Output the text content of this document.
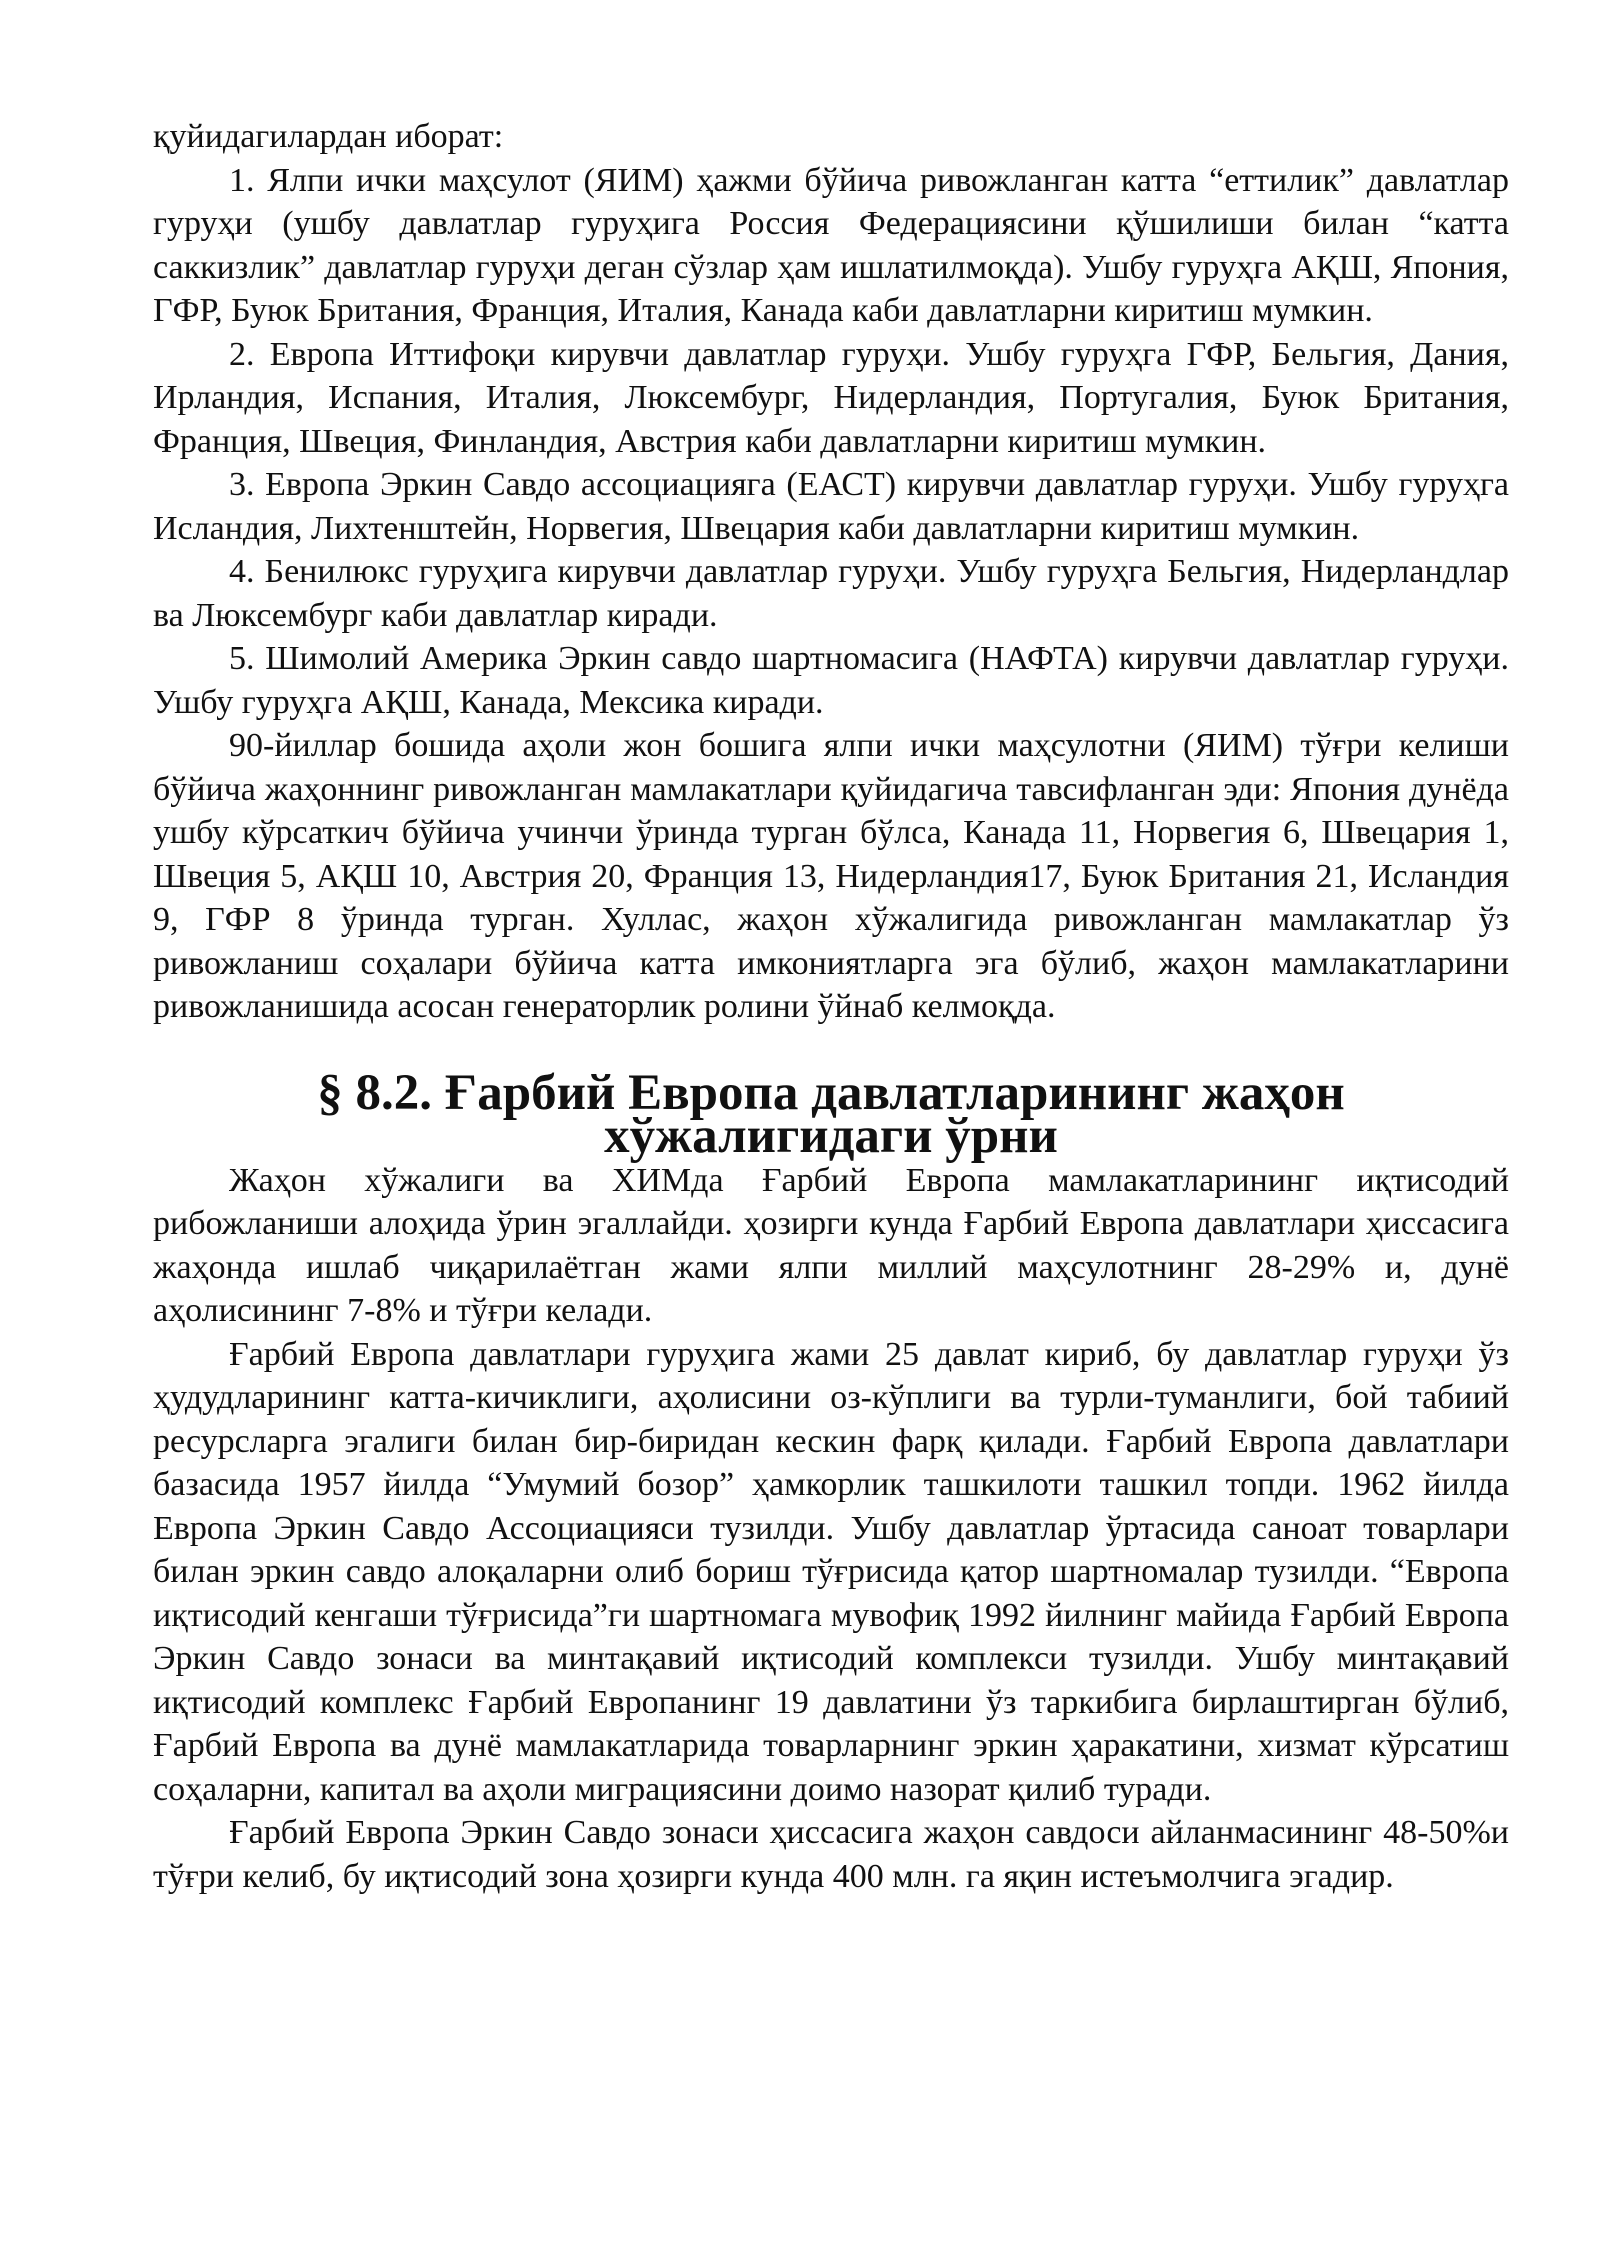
қуйидагилардан иборат:

1. Ялпи ички маҳсулот (ЯИМ) ҳажми бўйича ривожланган катта “еттилик” давлатлар гуруҳи (ушбу давлатлар гуруҳига Россия Федерациясини қўшилиши билан “катта саккизлик” давлатлар гуруҳи деган сўзлар ҳам ишлатилмоқда). Ушбу гуруҳга АҚШ, Япония, ГФР, Буюк Британия, Франция, Италия, Канада каби давлатларни киритиш мумкин.

2. Европа Иттифоқи кирувчи давлатлар гуруҳи. Ушбу гуруҳга ГФР, Бельгия, Дания, Ирландия, Испания, Италия, Люксембург, Нидерландия, Португалия, Буюк Британия, Франция, Швеция, Финландия, Австрия каби давлатларни киритиш мумкин.

3. Европа Эркин Савдо ассоциацияга (ЕАСТ) кирувчи давлатлар гуруҳи. Ушбу гуруҳга Исландия, Лихтенштейн, Норвегия, Швецария каби давлатларни киритиш мумкин.

4. Бенилюкс гуруҳига кирувчи давлатлар гуруҳи. Ушбу гуруҳга Бельгия, Нидерландлар ва Люксембург каби давлатлар киради.

5. Шимолий Америка Эркин савдо шартномасига (НАФТА) кирувчи давлатлар гуруҳи. Ушбу гуруҳга АҚШ, Канада, Мексика киради.

90-йиллар бошида аҳоли жон бошига ялпи ички маҳсулотни (ЯИМ) тўғри келиши бўйича жаҳоннинг ривожланган мамлакатлари қуйидагича тавсифланган эди: Япония дунёда ушбу кўрсаткич бўйича учинчи ўринда турган бўлса, Канада 11, Норвегия 6, Швецария 1, Швеция 5, АҚШ 10, Австрия 20, Франция 13, Нидерландия17, Буюк Британия 21, Исландия 9, ГФР 8 ўринда турган. Хуллас, жаҳон хўжалигида ривожланган мамлакатлар ўз ривожланиш соҳалари бўйича катта имкониятларга эга бўлиб, жаҳон мамлакатларини ривожланишида асосан генераторлик ролини ўйнаб келмоқда.

§ 8.2. Ғарбий Европа давлатларининг жаҳон хўжалигидаги ўрни

Жаҳон хўжалиги ва ХИМда Ғарбий Европа мамлакатларининг иқтисодий рибожланиши алоҳида ўрин эгаллайди. ҳозирги кунда Ғарбий Европа давлатлари ҳиссасига жаҳонда ишлаб чиқарилаётган жами ялпи миллий маҳсулотнинг 28-29% и, дунё аҳолисининг 7-8% и тўғри келади.

Ғарбий Европа давлатлари гуруҳига жами 25 давлат кириб, бу давлатлар гуруҳи ўз ҳудудларининг катта-кичиклиги, аҳолисини оз-кўплиги ва турли-туманлиги, бой табиий ресурсларга эгалиги билан бир-биридан кескин фарқ қилади. Ғарбий Европа давлатлари базасида 1957 йилда “Умумий бозор” ҳамкорлик ташкилоти ташкил топди. 1962 йилда Европа Эркин Савдо Ассоциацияси тузилди. Ушбу давлатлар ўртасида саноат товарлари билан эркин савдо алоқаларни олиб бориш тўғрисида қатор шартномалар тузилди. “Европа иқтисодий кенгаши тўғрисида”ги шартномага мувофиқ 1992 йилнинг майида Ғарбий Европа Эркин Савдо зонаси ва минтақавий иқтисодий комплекси тузилди. Ушбу минтақавий иқтисодий комплекс Ғарбий Европанинг 19 давлатини ўз таркибига бирлаштирган бўлиб, Ғарбий Европа ва дунё мамлакатларида товарларнинг эркин ҳаракатини, хизмат кўрсатиш соҳаларни, капитал ва аҳоли миграциясини доимо назорат қилиб туради.

Ғарбий Европа Эркин Савдо зонаси ҳиссасига жаҳон савдоси айланмасининг 48-50%и тўғри келиб, бу иқтисодий зона ҳозирги кунда 400 млн. га яқин истеъмолчига эгадир.
